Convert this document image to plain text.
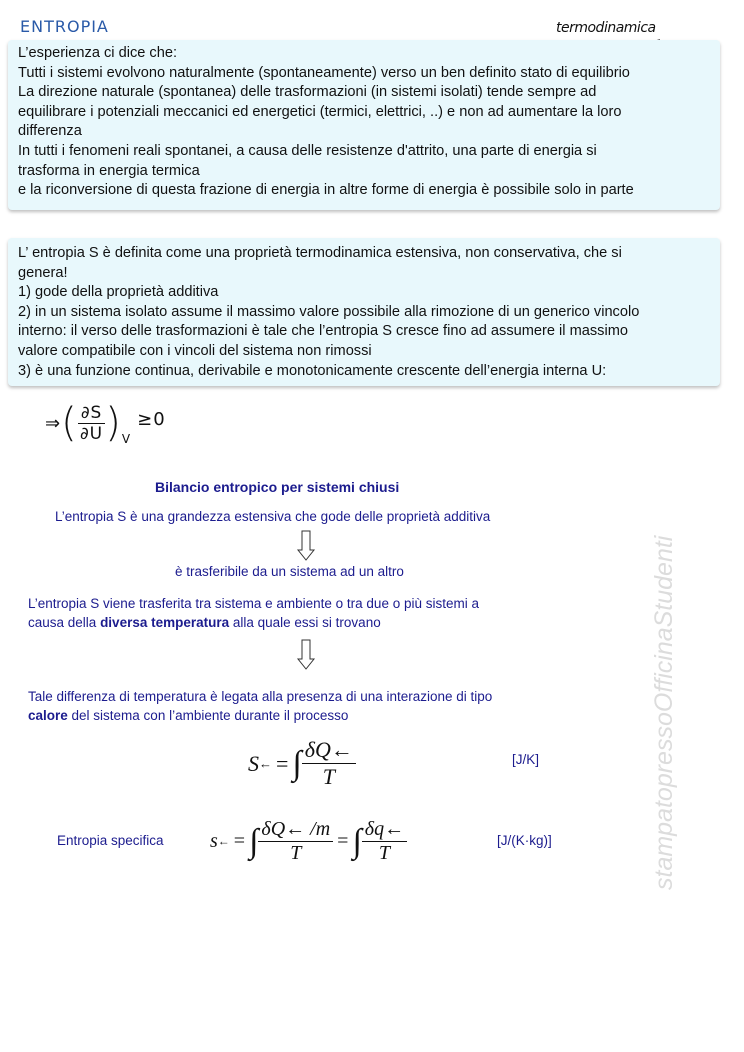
ENTROPIA	termodinamica
L’esperienza ci dice che:
Tutti i sistemi evolvono naturalmente (spontaneamente) verso un ben definito stato di equilibrio
La direzione naturale (spontanea) delle trasformazioni (in sistemi isolati) tende sempre ad
equilibrare i potenziali meccanici ed energetici (termici, elettrici, ..) e non ad aumentare la loro
differenza
In tutti i fenomeni reali spontanei, a causa delle resistenze d'attrito, una parte di energia si
trasforma in energia termica
e la riconversione di questa frazione di energia in altre forme di energia è possibile solo in parte
L’ entropia S è definita come una proprietà termodinamica estensiva, non conservativa, che si
genera!
1) gode della proprietà additiva
2) in un sistema isolato assume il massimo valore possibile alla rimozione di un generico vincolo
interno: il verso delle trasformazioni è tale che l’entropia S cresce fino ad assumere il massimo
valore compatibile con i vincoli del sistema non rimossi
3) è una funzione continua, derivabile e monotonicamente crescente dell’energia interna U:
⇒ ( $\frac{\partial S}{\partial U}$ ) V
≥0
Bilancio entropico per sistemi chiusi
L’entropia S è una grandezza estensiva che gode delle proprietà additiva
è trasferibile da un sistema ad un altro
L’entropia S viene trasferita tra sistema e ambiente o tra due o più sistemi a
causa della diversa temperatura alla quale essi si trovano
Tale differenza di temperatura è legata alla presenza di una interazione di tipo
calore del sistema con l’ambiente durante il processo
S ← = ∫ $\frac{\delta Q\leftarrow}{T}$	[J/K]
Entropia specifica s ← = ∫ $\frac{\delta Q\leftarrow /m}{T}$ = ∫ $\frac{\delta q\leftarrow}{T}$	[J/(K·kg)]	stampatopressoOfficinaStudenti
